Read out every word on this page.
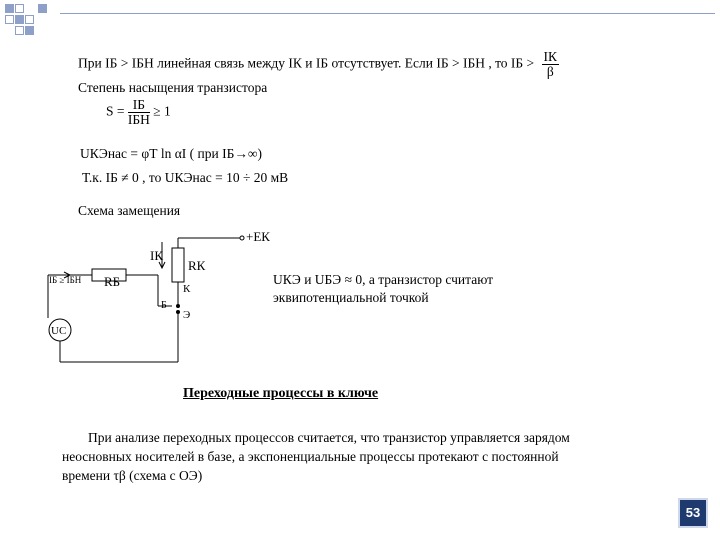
При IБ > IБН линейная связь между IК и IБ отсутствует. Если IБ > IБН , то IБ > $\frac{IК}{\beta}$
Степень насыщения транзистора
$S = \frac{IБ}{\text{IБН}} \ge 1$
UКЭнас = φТ ln αI ( при IБ→∞)
Т.к. IБ ≠ 0 , то UКЭнас = 10 ÷ 20 мВ
Схема замещения
+EК
IК
RК
IБ ≥ IБН RБ	К
Б
Э
UС
UКЭ и UБЭ ≈ 0, а транзистор считают
эквипотенциальной точкой
Переходные процессы в ключе
При анализе переходных процессов считается, что транзистор управляется зарядом
неосновных носителей в базе, а экспоненциальные процессы протекают с постоянной
времени τβ (схема с ОЭ)
53
